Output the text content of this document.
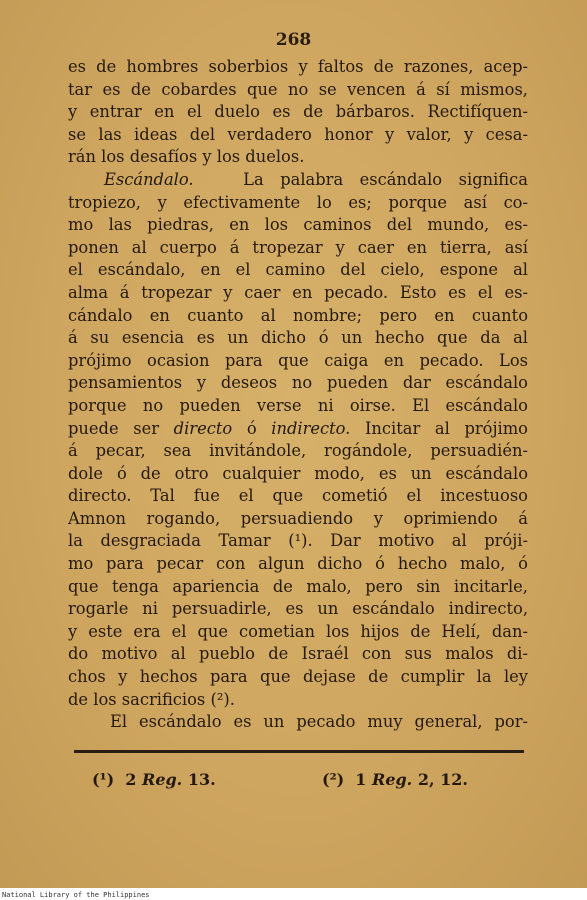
268

es de hombres soberbios y faltos de razones, acep-
tar es de cobardes que no se vencen á sí mismos,
y entrar en el duelo es de bárbaros. Rectifíquen-
se las ideas del verdadero honor y valor, y cesa-
rán los desafíos y los duelos.
Escándalo.	La palabra escándalo significa
tropiezo, y efectivamente lo es; porque así co-
mo las piedras, en los caminos del mundo, es-
ponen al cuerpo á tropezar y caer en tierra, así
el escándalo, en el camino del cielo, espone al
alma á tropezar y caer en pecado. Esto es el es-
cándalo en cuanto al nombre; pero en cuanto
á su esencia es un dicho ó un hecho que da al
prójimo ocasion para que caiga en pecado. Los
pensamientos y deseos no pueden dar escándalo
porque no pueden verse ni oirse. El escándalo
puede ser directo ó indirecto. Incitar al prójimo
á pecar, sea invitándole, rogándole, persuadién-
dole ó de otro cualquier modo, es un escándalo
directo. Tal fue el que cometió el incestuoso
Amnon rogando, persuadiendo y oprimiendo á
la desgraciada Tamar (¹). Dar motivo al próji-
mo para pecar con algun dicho ó hecho malo, ó
que tenga apariencia de malo, pero sin incitarle,
rogarle ni persuadirle, es un escándalo indirecto,
y este era el que cometian los hijos de Helí, dan-
do motivo al pueblo de Israél con sus malos di-
chos y hechos para que dejase de cumplir la ley
de los sacrificios (²).
El escándalo es un pecado muy general, por-
(¹) 2 Reg. 13.	(²) 1 Reg. 2, 12.
National Library of the Philippines
